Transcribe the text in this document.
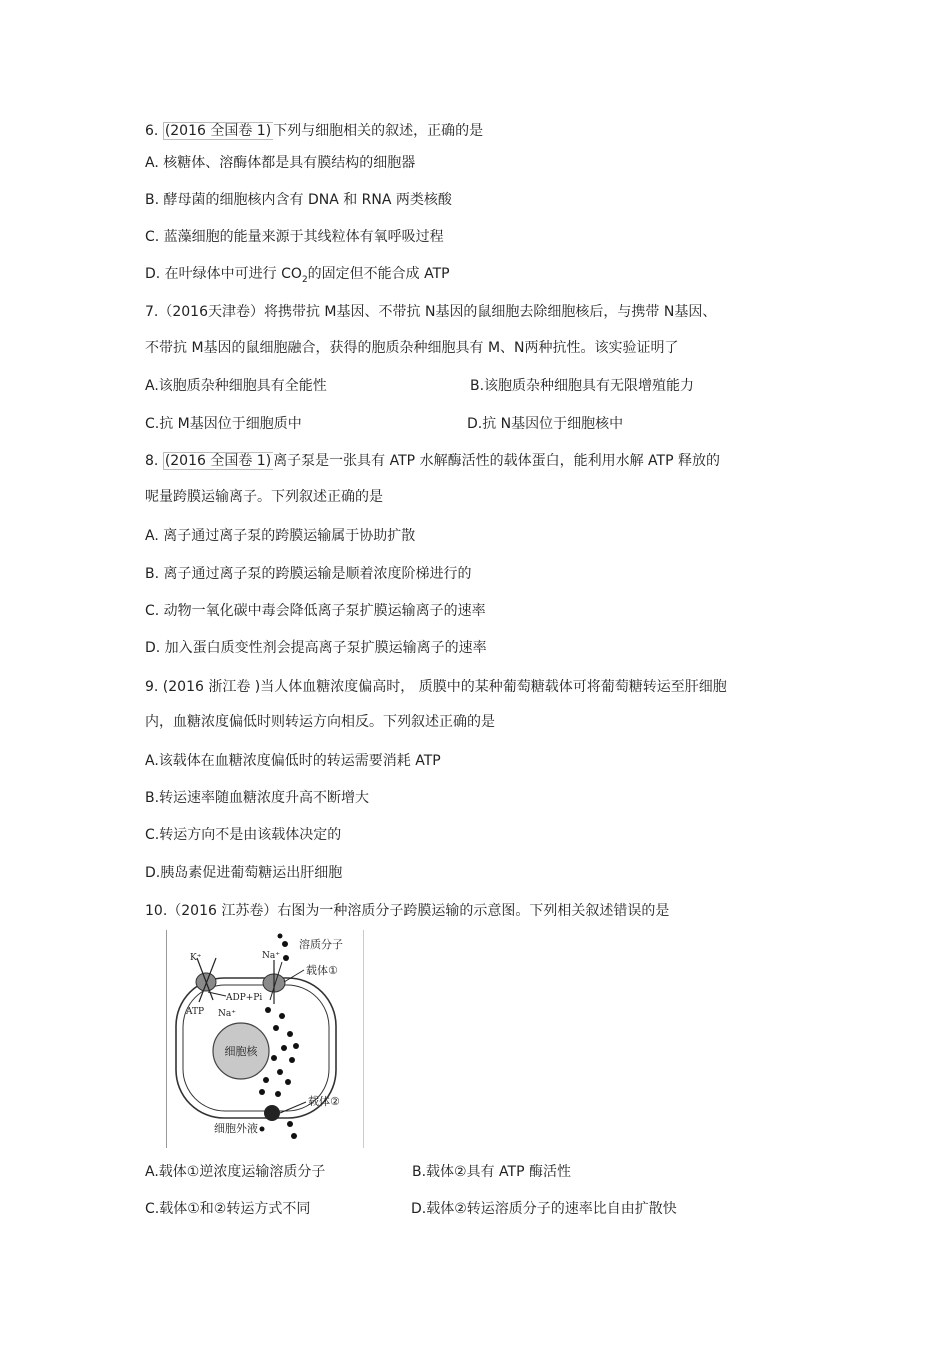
6. (2016 全国卷 1) 下列与细胞相关的叙述，正确的是
A. 核糖体、溶酶体都是具有膜结构的细胞器
B. 酵母菌的细胞核内含有 DNA 和 RNA 两类核酸
C. 蓝藻细胞的能量来源于其线粒体有氧呼吸过程
D. 在叶绿体中可进行 $CO_2$的固定但不能合成 ATP
7.（2016天津卷）将携带抗 M基因、不带抗 N基因的鼠细胞去除细胞核后，与携带 N基因、
不带抗 M基因的鼠细胞融合，获得的胞质杂种细胞具有 M、N两种抗性。该实验证明了
A.该胞质杂种细胞具有全能性	B.该胞质杂种细胞具有无限增殖能力
C.抗 M基因位于细胞质中	D.抗 N基因位于细胞核中
8. (2016 全国卷 1) 离子泵是一张具有 ATP 水解酶活性的载体蛋白，能利用水解 ATP 释放的
呢量跨膜运输离子。下列叙述正确的是
A. 离子通过离子泵的跨膜运输属于协助扩散
B. 离子通过离子泵的跨膜运输是顺着浓度阶梯进行的
C. 动物一氧化碳中毒会降低离子泵扩膜运输离子的速率
D. 加入蛋白质变性剂会提高离子泵扩膜运输离子的速率
9. (2016 浙江卷 )当人体血糖浓度偏高时， 质膜中的某种葡萄糖载体可将葡萄糖转运至肝细胞
内，血糖浓度偏低时则转运方向相反。下列叙述正确的是
A.该载体在血糖浓度偏低时的转运需要消耗 ATP
B.转运速率随血糖浓度升高不断增大
C.转运方向不是由该载体决定的
D.胰岛素促进葡萄糖运出肝细胞
10.（2016 江苏卷）右图为一种溶质分子跨膜运输的示意图。下列相关叙述错误的是
细胞核
K⁺
ADP+Pi
ATP Na⁺
Na⁺
载体①
溶质分子
载体②
细胞外液
A.载体①逆浓度运输溶质分子	B.载体②具有 ATP 酶活性
C.载体①和②转运方式不同	D.载体②转运溶质分子的速率比自由扩散快
